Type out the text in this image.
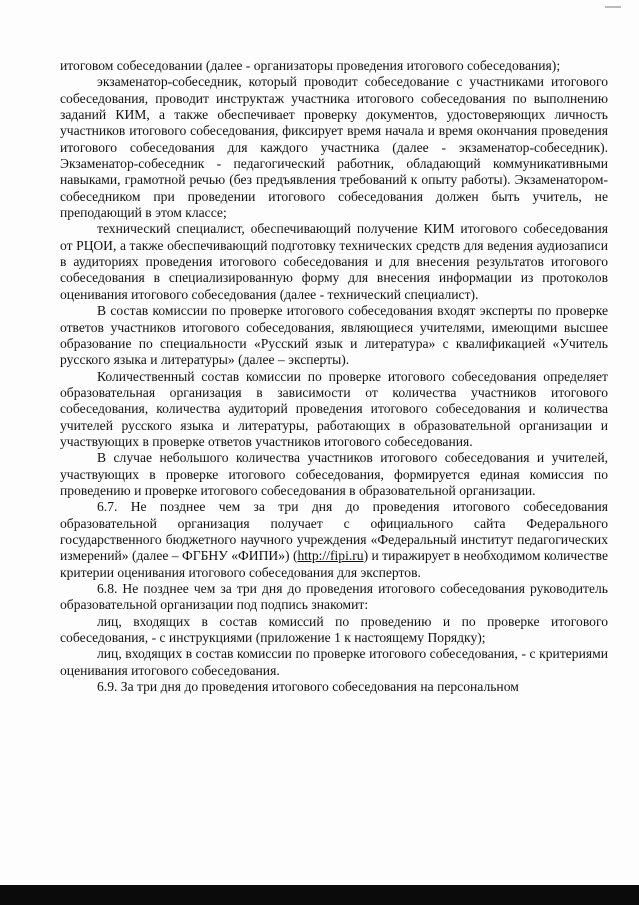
итоговом собеседовании (далее - организаторы проведения итогового собеседования);

экзаменатор-собеседник, который проводит собеседование с участниками итогового собеседования, проводит инструктаж участника итогового собеседования по выполнению заданий КИМ, а также обеспечивает проверку документов, удостоверяющих личность участников итогового собеседования, фиксирует время начала и время окончания проведения итогового собеседования для каждого участника (далее - экзаменатор-собеседник). Экзаменатор-собеседник - педагогический работник, обладающий коммуникативными навыками, грамотной речью (без предъявления требований к опыту работы). Экзаменатором-собеседником при проведении итогового собеседования должен быть учитель, не преподающий в этом классе;

технический специалист, обеспечивающий получение КИМ итогового собеседования от РЦОИ, а также обеспечивающий подготовку технических средств для ведения аудиозаписи в аудиториях проведения итогового собеседования и для внесения результатов итогового собеседования в специализированную форму для внесения информации из протоколов оценивания итогового собеседования (далее - технический специалист).

В состав комиссии по проверке итогового собеседования входят эксперты по проверке ответов участников итогового собеседования, являющиеся учителями, имеющими высшее образование по специальности «Русский язык и литература» с квалификацией «Учитель русского языка и литературы» (далее – эксперты).

Количественный состав комиссии по проверке итогового собеседования определяет образовательная организация в зависимости от количества участников итогового собеседования, количества аудиторий проведения итогового собеседования и количества учителей русского языка и литературы, работающих в образовательной организации и участвующих в проверке ответов участников итогового собеседования.

В случае небольшого количества участников итогового собеседования и учителей, участвующих в проверке итогового собеседования, формируется единая комиссия по проведению и проверке итогового собеседования в образовательной организации.

6.7. Не позднее чем за три дня до проведения итогового собеседования образовательной организация получает с официального сайта Федерального государственного бюджетного научного учреждения «Федеральный институт педагогических измерений» (далее – ФГБНУ «ФИПИ») (http://fipi.ru) и тиражирует в необходимом количестве критерии оценивания итогового собеседования для экспертов.

6.8. Не позднее чем за три дня до проведения итогового собеседования руководитель образовательной организации под подпись знакомит:

лиц, входящих в состав комиссий по проведению и по проверке итогового собеседования, - с инструкциями (приложение 1 к настоящему Порядку);

лиц, входящих в состав комиссии по проверке итогового собеседования, - с критериями оценивания итогового собеседования.

6.9. За три дня до проведения итогового собеседования на персональном
